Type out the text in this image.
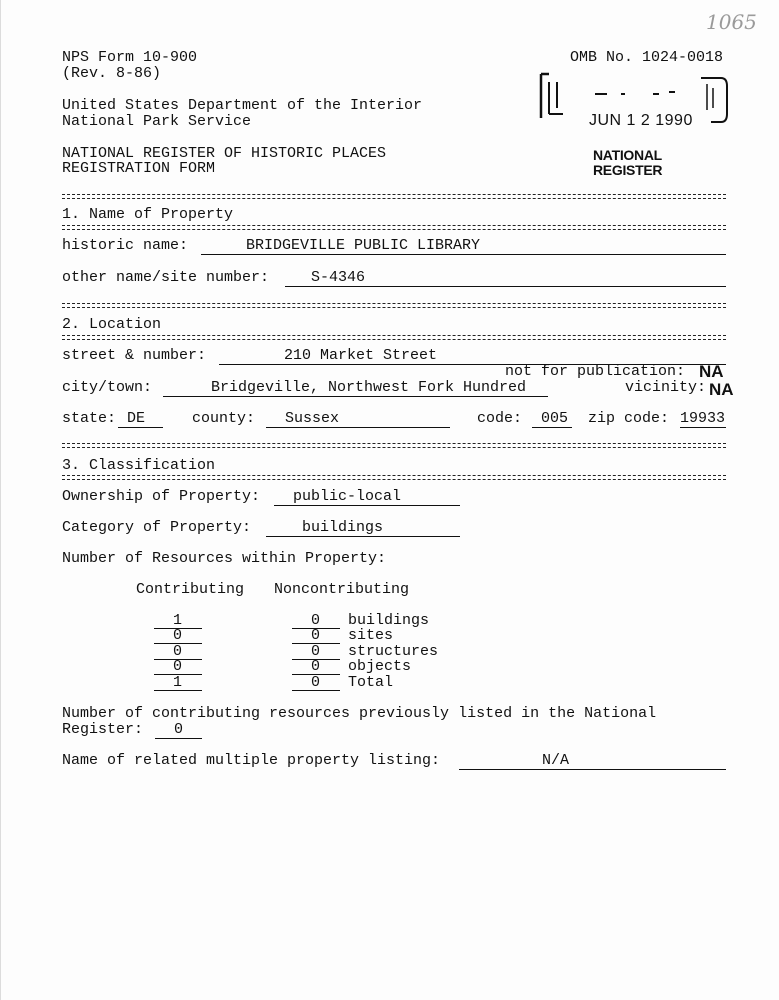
1065
NPS Form 10-900
(Rev. 8-86)
OMB No. 1024-0018
United States Department of the Interior
National Park Service
NATIONAL REGISTER OF HISTORIC PLACES
REGISTRATION FORM
JUN 1 2 1990
NATIONAL
REGISTER
1. Name of Property
historic name:	BRIDGEVILLE PUBLIC LIBRARY
other name/site number:	S-4346
2. Location
street & number:	210 Market Street
not for publication: NA
city/town:	Bridgeville, Northwest Fork Hundred	vicinity: NA
state: DE	county: Sussex	code: 005 zip code: 19933
3. Classification
Ownership of Property: public-local
Category of Property:	buildings
Number of Resources within Property:
Contributing Noncontributing
1	0 buildings
0	0 sites
0	0 structures
0	0 objects
1	0 Total
Number of contributing resources previously listed in the National
Register: 0
Name of related multiple property listing:	N/A
